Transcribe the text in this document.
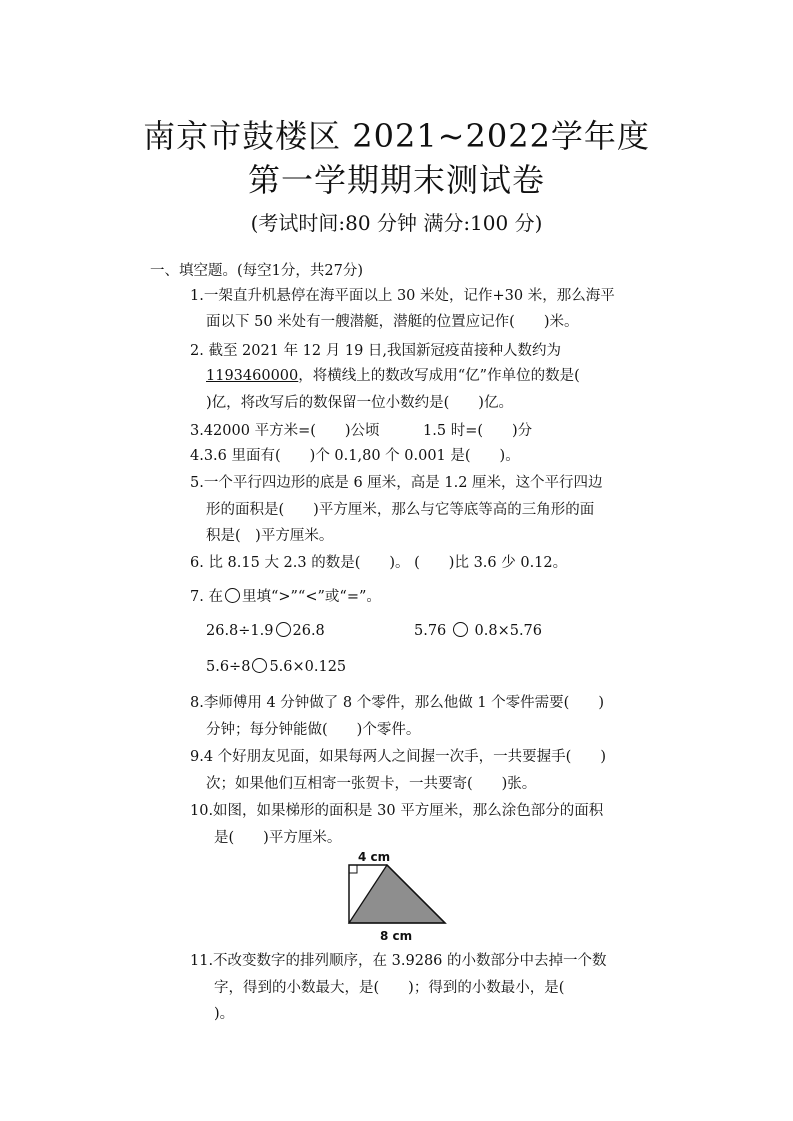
南京市鼓楼区 2021~2022学年度
第一学期期末测试卷
(考试时间:80 分钟 满分:100 分)
一、填空题。(每空1分，共27分)
1.一架直升机悬停在海平面以上 30 米处，记作+30 米，那么海平
面以下 50 米处有一艘潜艇，潜艇的位置应记作(　　)米。
2. 截至 2021 年 12 月 19 日,我国新冠疫苗接种人数约为
1193460000，将横线上的数改写成用“亿”作单位的数是(
)亿，将改写后的数保留一位小数约是(　　)亿。
3.42000 平方米=(　　)公顷　　　1.5 时=(　　)分
4.3.6 里面有(　　)个 0.1,80 个 0.001 是(　　)。
5.一个平行四边形的底是 6 厘米，高是 1.2 厘米，这个平行四边
形的面积是(　　)平方厘米，那么与它等底等高的三角形的面
积是(　)平方厘米。
6. 比 8.15 大 2.3 的数是(　　)。 (　　)比 3.6 少 0.12。
7. 在 里填“>”“<”或“=”。
26.8÷1.9 26.8	5.76 0.8×5.76
5.6÷8 5.6×0.125
8.李师傅用 4 分钟做了 8 个零件，那么他做 1 个零件需要(　　)
分钟；每分钟能做(　　)个零件。
9.4 个好朋友见面，如果每两人之间握一次手，一共要握手(　　)
次；如果他们互相寄一张贺卡，一共要寄(　　)张。
10.如图，如果梯形的面积是 30 平方厘米，那么涂色部分的面积
是(　　)平方厘米。
4 cm
8 cm
11.不改变数字的排列顺序，在 3.9286 的小数部分中去掉一个数
字，得到的小数最大，是(　　)；得到的小数最小，是(
)。
